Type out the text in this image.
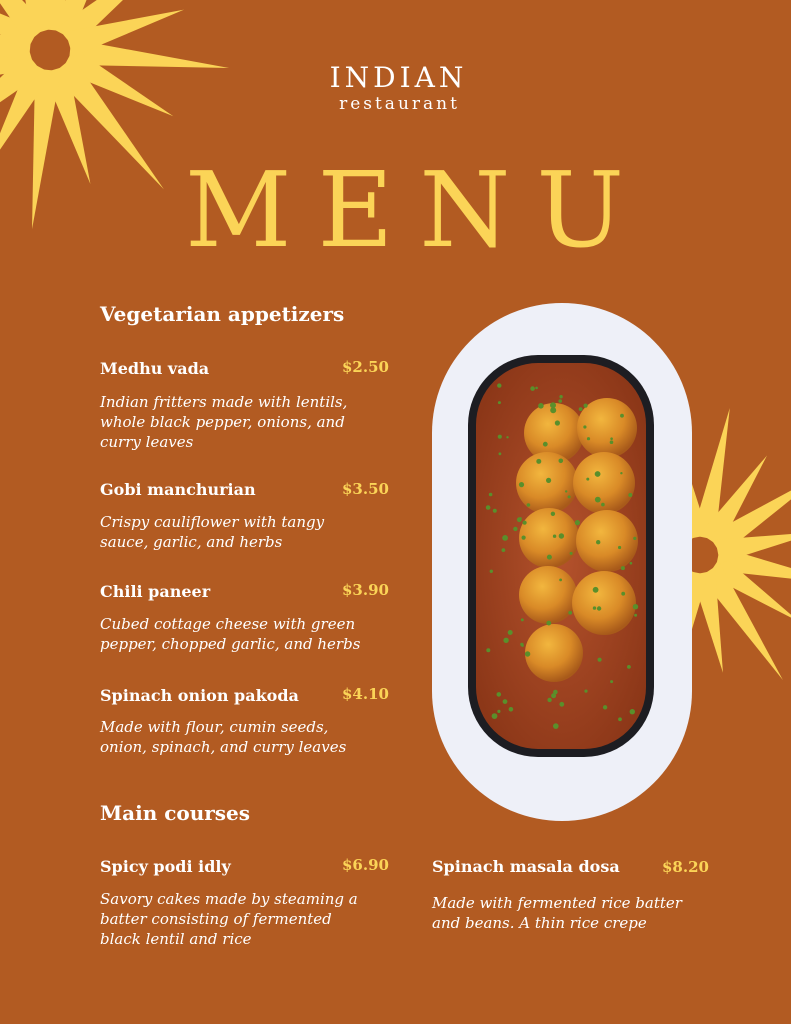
INDIAN
restaurant
MENU
Vegetarian appetizers
Medhu vada	$2.50
Indian fritters made with lentils,
whole black pepper, onions, and
curry leaves
Gobi manchurian	$3.50
Crispy cauliflower with tangy
sauce, garlic, and herbs
Chili paneer	$3.90
Cubed cottage cheese with green
pepper, chopped garlic, and herbs
Spinach onion pakoda	$4.10
Made with flour, cumin seeds,
onion, spinach, and curry leaves
Main courses
Spicy podi idly	$6.90
Savory cakes made by steaming a
batter consisting of fermented
black lentil and rice
Spinach masala dosa	$8.20
Made with fermented rice batter
and beans. A thin rice crepe
